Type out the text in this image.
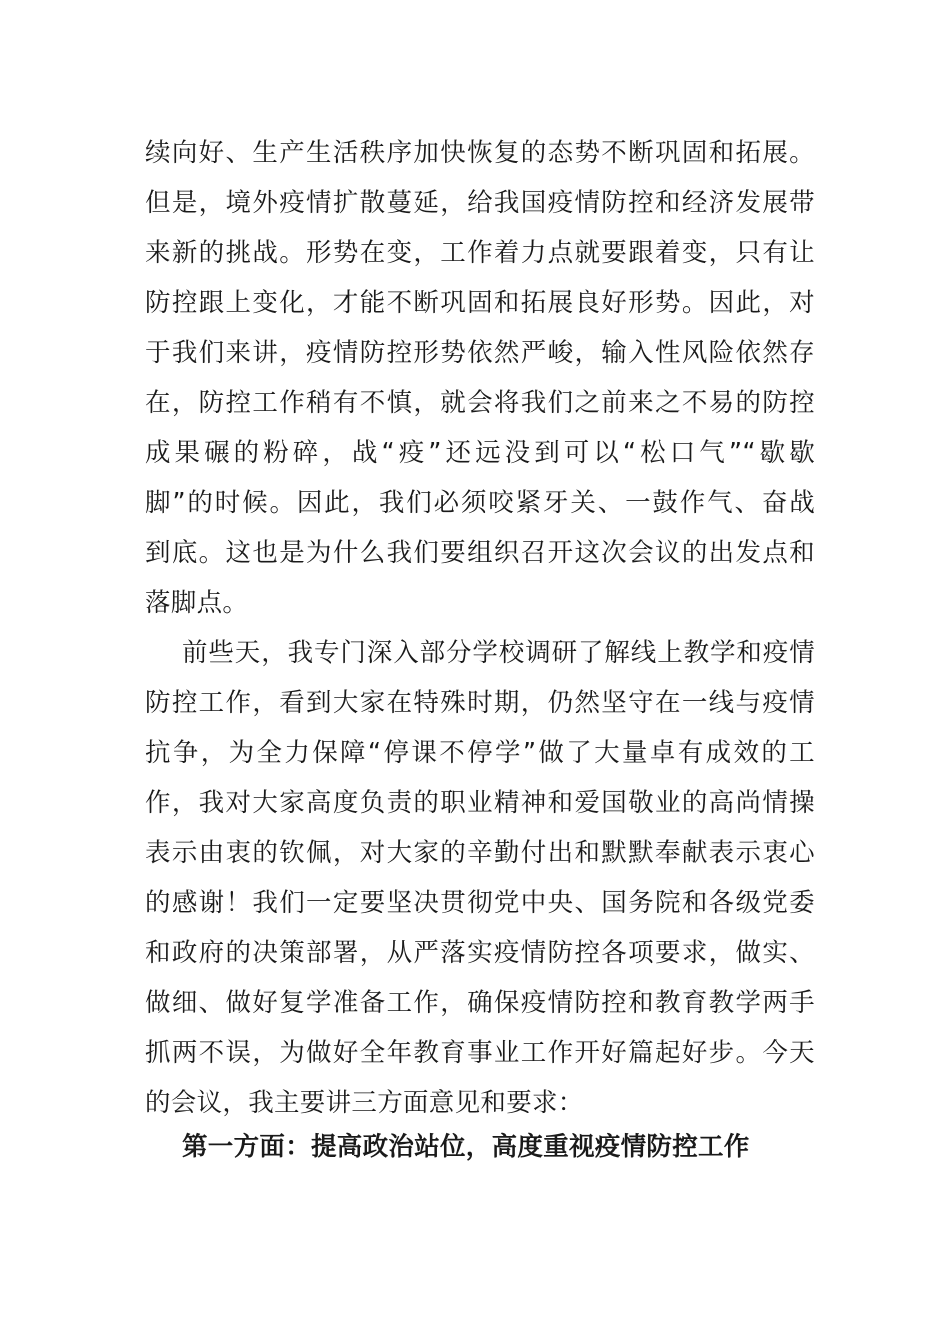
续向好、生产生活秩序加快恢复的态势不断巩固和拓展。
但是，境外疫情扩散蔓延，给我国疫情防控和经济发展带
来新的挑战。形势在变，工作着力点就要跟着变，只有让
防控跟上变化，才能不断巩固和拓展良好形势。因此，对
于我们来讲，疫情防控形势依然严峻，输入性风险依然存
在，防控工作稍有不慎，就会将我们之前来之不易的防控
成果碾的粉碎，战“疫”还远没到可以“松口气”“歇歇
脚”的时候。因此，我们必须咬紧牙关、一鼓作气、奋战
到底。这也是为什么我们要组织召开这次会议的出发点和
落脚点。
前些天，我专门深入部分学校调研了解线上教学和疫情
防控工作，看到大家在特殊时期，仍然坚守在一线与疫情
抗争，为全力保障“停课不停学”做了大量卓有成效的工
作，我对大家高度负责的职业精神和爱国敬业的高尚情操
表示由衷的钦佩，对大家的辛勤付出和默默奉献表示衷心
的感谢！我们一定要坚决贯彻党中央、国务院和各级党委
和政府的决策部署，从严落实疫情防控各项要求，做实、
做细、做好复学准备工作，确保疫情防控和教育教学两手
抓两不误，为做好全年教育事业工作开好篇起好步。今天
的会议，我主要讲三方面意见和要求：
第一方面：提高政治站位，高度重视疫情防控工作
